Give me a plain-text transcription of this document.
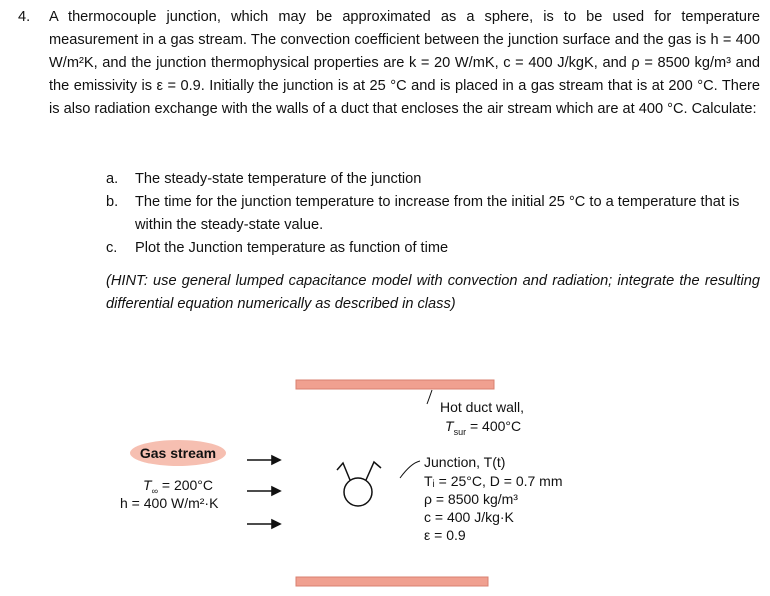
4. A thermocouple junction, which may be approximated as a sphere, is to be used for temperature measurement in a gas stream. The convection coefficient between the junction surface and the gas is h = 400 W/m²K, and the junction thermophysical properties are k = 20 W/mK, c = 400 J/kgK, and ρ = 8500 kg/m³ and the emissivity is ε = 0.9. Initially the junction is at 25 °C and is placed in a gas stream that is at 200 °C. There is also radiation exchange with the walls of a duct that encloses the air stream which are at 400 °C. Calculate:
a. The steady-state temperature of the junction
b. The time for the junction temperature to increase from the initial 25 °C to a temperature that is within the steady-state value.
c. Plot the Junction temperature as function of time
(HINT: use general lumped capacitance model with convection and radiation; integrate the resulting differential equation numerically as described in class)
Gas stream
$T_\infty = 200^\circ C$
h = 400 W/m²·K
Hot duct wall,
$T_{sur} = 400^\circ C$
Junction, T(t)
Tᵢ = 25°C, D = 0.7 mm
ρ = 8500 kg/m³
c = 400 J/kg·K
ε = 0.9
